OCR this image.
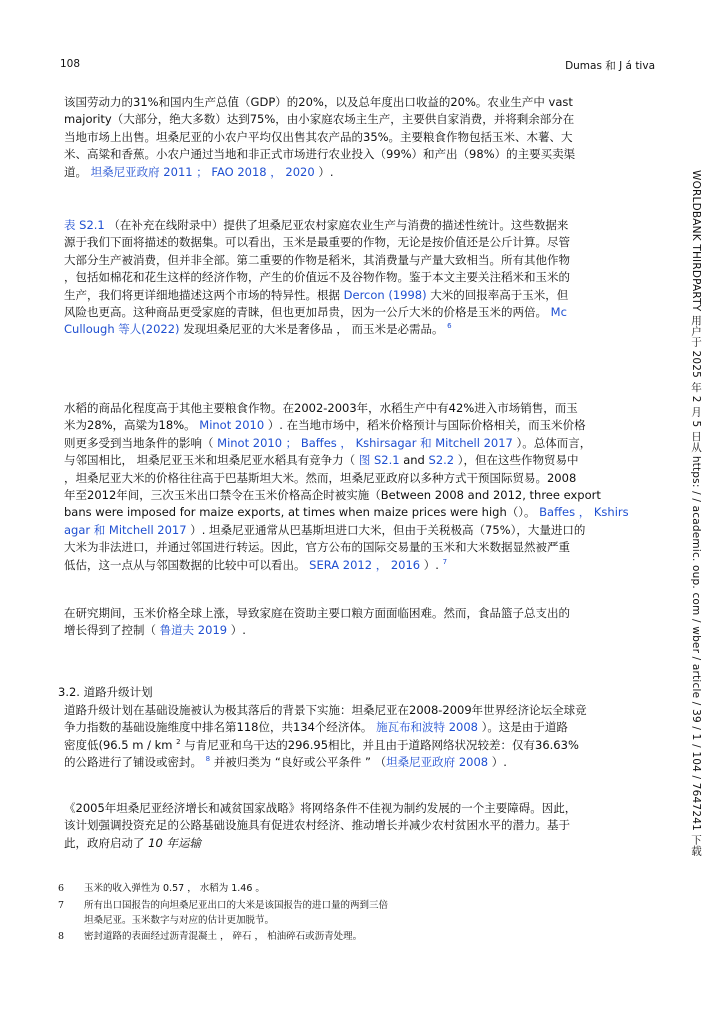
108	Dumas 和 J á tiva
WORLDBANK THIRDPARTY 用户于 2025 年 2 月 5 日从 https: / / academic. oup. com / wber / article / 39 / 1 / 104 / 7647241 下载
该国劳动力的31%和国内生产总值（GDP）的20%，以及总年度出口收益的20%。农业生产中 vast
majority（大部分，绝大多数）达到75%，由小家庭农场主生产，主要供自家消费，并将剩余部分在
当地市场上出售。坦桑尼亚的小农户平均仅出售其农产品的35%。主要粮食作物包括玉米、木薯、大
米、高粱和香蕉。小农户通过当地和非正式市场进行农业投入（99%）和产出（98%）的主要买卖渠
道。 坦桑尼亚政府 2011 ； FAO 2018 ， 2020 ）.
表 S2.1 （在补充在线附录中）提供了坦桑尼亚农村家庭农业生产与消费的描述性统计。这些数据来
源于我们下面将描述的数据集。可以看出，玉米是最重要的作物，无论是按价值还是公斤计算。尽管
大部分生产被消费，但并非全部。第二重要的作物是稻米，其消费量与产量大致相当。所有其他作物
，包括如棉花和花生这样的经济作物，产生的价值远不及谷物作物。鉴于本文主要关注稻米和玉米的
生产，我们将更详细地描述这两个市场的特异性。根据 Dercon (1998) 大米的回报率高于玉米，但
风险也更高。这种商品更受家庭的青睐，但也更加昂贵，因为一公斤大米的价格是玉米的两倍。 Mc
Cullough 等人(2022) 发现坦桑尼亚的大米是奢侈品 ， 而玉米是必需品。 $^6$
水稻的商品化程度高于其他主要粮食作物。在2002-2003年，水稻生产中有42%进入市场销售，而玉
米为28%，高粱为18%。 Minot 2010 ）. 在当地市场中，稻米价格预计与国际价格相关，而玉米价格
则更多受到当地条件的影响（ Minot 2010 ； Baffes ， Kshirsagar 和 Mitchell 2017 ）。总体而言，
与邻国相比， 坦桑尼亚玉米和坦桑尼亚水稻具有竞争力（ 图 S2.1 and S2.2 ），但在这些作物贸易中
，坦桑尼亚大米的价格往往高于巴基斯坦大米。然而，坦桑尼亚政府以多种方式干预国际贸易。2008
年至2012年间，三次玉米出口禁令在玉米价格高企时被实施（Between 2008 and 2012, three export
bans were imposed for maize exports, at times when maize prices were high（）。 Baffes ， Kshirs
agar 和 Mitchell 2017 ）. 坦桑尼亚通常从巴基斯坦进口大米，但由于关税极高（75%），大量进口的
大米为非法进口，并通过邻国进行转运。因此，官方公布的国际交易量的玉米和大米数据显然被严重
低估，这一点从与邻国数据的比较中可以看出。 SERA 2012 ， 2016 ）. $^7$
在研究期间，玉米价格全球上涨，导致家庭在资助主要口粮方面面临困难。然而，食品篮子总支出的
增长得到了控制（ 鲁道夫 2019 ）.
3.2. 道路升级计划
道路升级计划在基础设施被认为极其落后的背景下实施：坦桑尼亚在2008-2009年世界经济论坛全球竞
争力指数的基础设施维度中排名第118位，共134个经济体。 施瓦布和波特 2008 ）。这是由于道路
密度低(96.5 m / km $^2$ 与肯尼亚和乌干达的296.95相比，并且由于道路网络状况较差：仅有36.63%
的公路进行了铺设或密封。 $^8$ 并被归类为 “良好或公平条件 ” （坦桑尼亚政府 2008 ）.
《2005年坦桑尼亚经济增长和减贫国家战略》将网络条件不佳视为制约发展的一个主要障碍。因此，
该计划强调投资充足的公路基础设施具有促进农村经济、推动增长并减少农村贫困水平的潜力。基于
此，政府启动了 10 年运输
6 玉米的收入弹性为 0.57 ， 水稻为 1.46 。
7 所有出口国报告的向坦桑尼亚出口的大米是该国报告的进口量的两到三倍
坦桑尼亚。玉米数字与对应的估计更加脱节。
8 密封道路的表面经过沥青混凝土 ， 碎石 ， 柏油碎石或沥青处理。
